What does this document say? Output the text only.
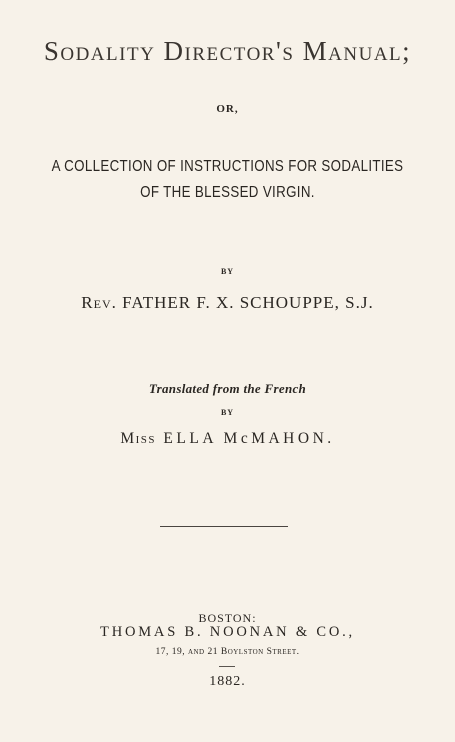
Sodality Director's Manual;
OR,
A COLLECTION OF INSTRUCTIONS FOR SODALITIES
OF THE BLESSED VIRGIN.
BY
Rev. FATHER F. X. SCHOUPPE, S.J.
Translated from the French
BY
Miss ELLA McMAHON.
BOSTON:
THOMAS B. NOONAN & CO.,
17, 19, and 21 Boylston Street.
1882.
